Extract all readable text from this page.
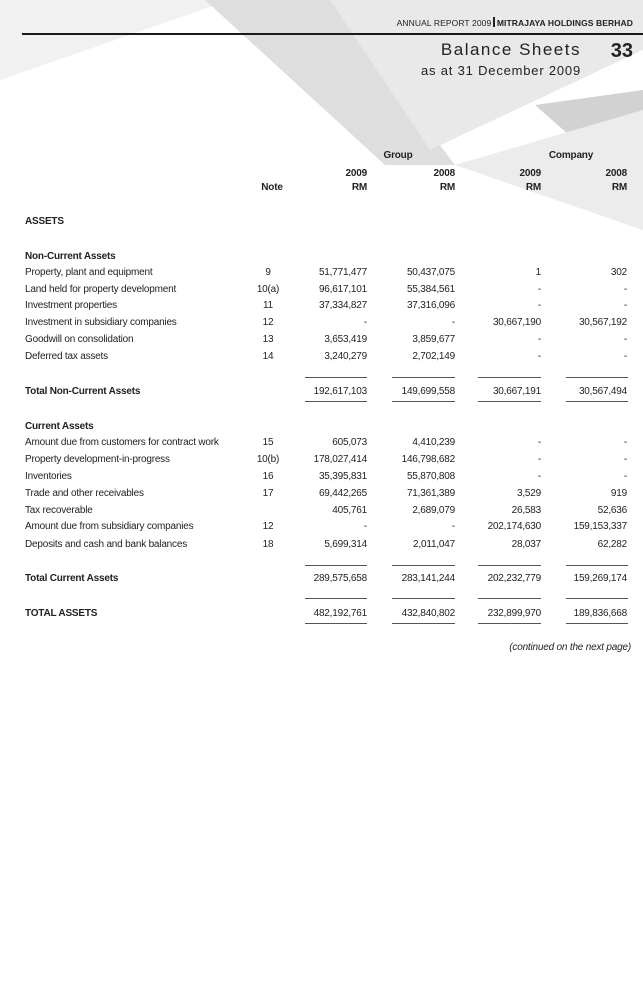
ANNUAL REPORT 2009 MITRAJAYA HOLDINGS BERHAD
Balance Sheets 33
as at 31 December 2009
Group	Company
Note
2009	2008	2009	2008
RM	RM	RM	RM
ASSETS
Non-Current Assets
Property, plant and equipment	9	51,771,477	50,437,075	1	302
Land held for property development	10(a)	96,617,101	55,384,561	-	-
Investment properties	11	37,334,827	37,316,096	-	-
Investment in subsidiary companies	12	-	-	30,667,190	30,567,192
Goodwill on consolidation	13	3,653,419	3,859,677	-	-
Deferred tax assets	14	3,240,279	2,702,149	-	-
Total Non-Current Assets	192,617,103	149,699,558	30,667,191	30,567,494
Current Assets
Amount due from customers for contract work	15	605,073	4,410,239	-	-
Property development-in-progress	10(b)	178,027,414	146,798,682	-	-
Inventories	16	35,395,831	55,870,808	-	-
Trade and other receivables	17	69,442,265	71,361,389	3,529	919
Tax recoverable	405,761	2,689,079	26,583	52,636
Amount due from subsidiary companies	12	-	-	202,174,630	159,153,337
Deposits and cash and bank balances	18	5,699,314	2,011,047	28,037	62,282
Total Current Assets	289,575,658	283,141,244	202,232,779	159,269,174
TOTAL ASSETS	482,192,761	432,840,802	232,899,970	189,836,668
(continued on the next page)
